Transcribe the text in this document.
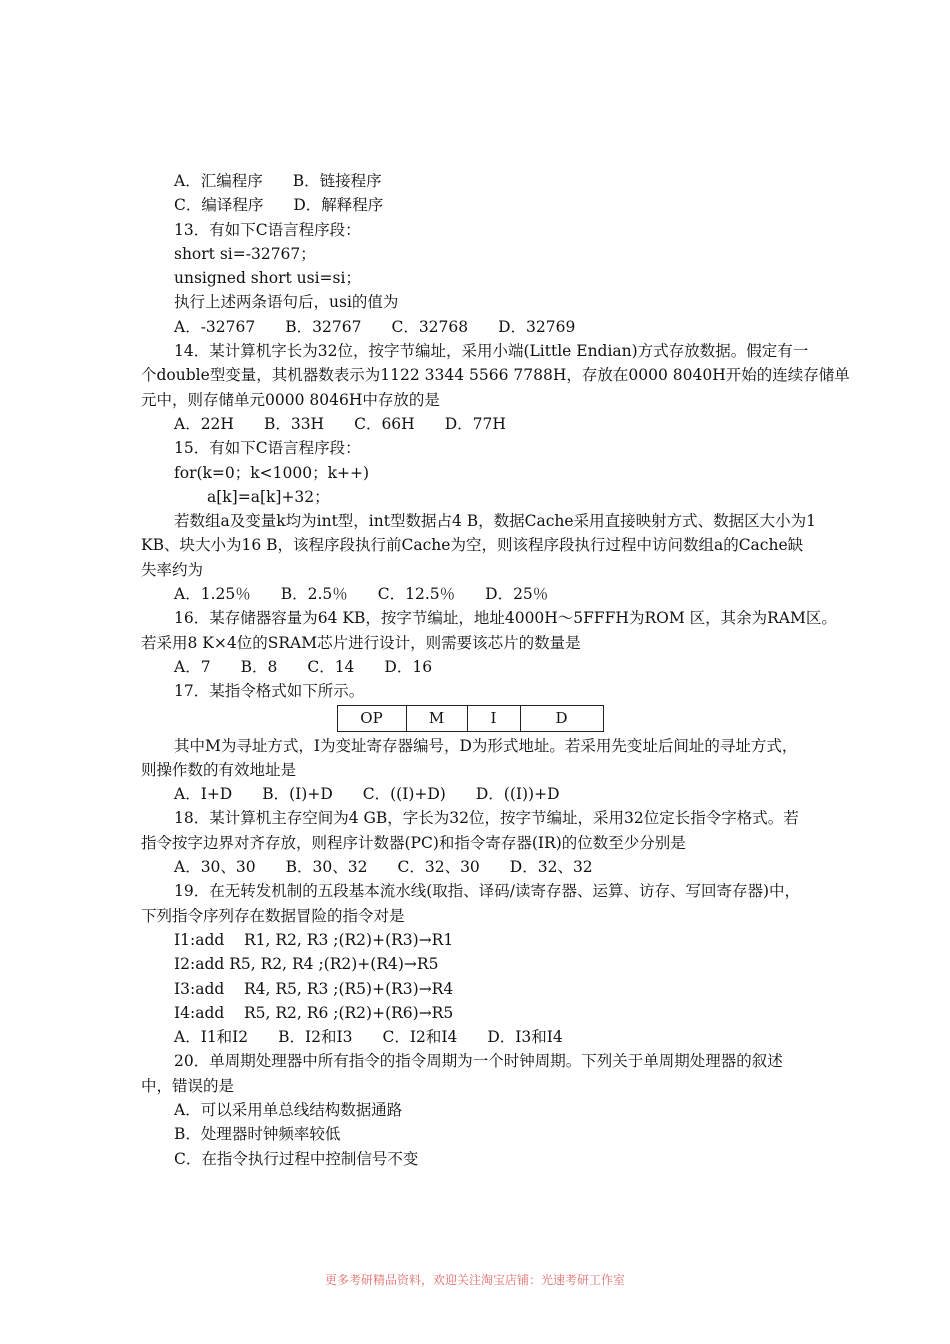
A．汇编程序 B．链接程序
C．编译程序 D．解释程序
13．有如下C语言程序段：
short si=-32767；
unsigned short usi=si；
执行上述两条语句后，usi的值为
A．-32767 B．32767 C．32768 D．32769
14．某计算机字长为32位，按字节编址，采用小端(Little Endian)方式存放数据。假定有一
个double型变量，其机器数表示为1122 3344 5566 7788H，存放在0000 8040H开始的连续存储单
元中，则存储单元0000 8046H中存放的是
A．22H B．33H C．66H D．77H
15．有如下C语言程序段：
for(k=0；k<1000；k++)
a[k]=a[k]+32；
若数组a及变量k均为int型，int型数据占4 B，数据Cache采用直接映射方式、数据区大小为1
KB、块大小为16 B，该程序段执行前Cache为空，则该程序段执行过程中访问数组a的Cache缺
失率约为
A．1.25％ B．2.5％ C．12.5％ D．25％
16．某存储器容量为64 KB，按字节编址，地址4000H～5FFFH为ROM 区，其余为RAM区。
若采用8 K×4位的SRAM芯片进行设计，则需要该芯片的数量是
A．7 B．8 C．14 D．16
17．某指令格式如下所示。
OP	M	I	D
其中M为寻址方式，I为变址寄存器编号，D为形式地址。若采用先变址后间址的寻址方式，
则操作数的有效地址是
A．I+D B．(I)+D C．((I)+D) D．((I))+D
18．某计算机主存空间为4 GB，字长为32位，按字节编址，采用32位定长指令字格式。若
指令按字边界对齐存放，则程序计数器(PC)和指令寄存器(IR)的位数至少分别是
A．30、30 B．30、32 C．32、30 D．32、32
19．在无转发机制的五段基本流水线(取指、译码/读寄存器、运算、访存、写回寄存器)中，
下列指令序列存在数据冒险的指令对是
I1:add    R1, R2, R3 ;(R2)+(R3)→R1
I2:add R5, R2, R4 ;(R2)+(R4)→R5
I3:add    R4, R5, R3 ;(R5)+(R3)→R4
I4:add    R5, R2, R6 ;(R2)+(R6)→R5
A．I1和I2 B．I2和I3 C．I2和I4 D．I3和I4
20．单周期处理器中所有指令的指令周期为一个时钟周期。下列关于单周期处理器的叙述
中，错误的是
A．可以采用单总线结构数据通路
B．处理器时钟频率较低
C．在指令执行过程中控制信号不变
更多考研精品资料，欢迎关注淘宝店铺：光速考研工作室
